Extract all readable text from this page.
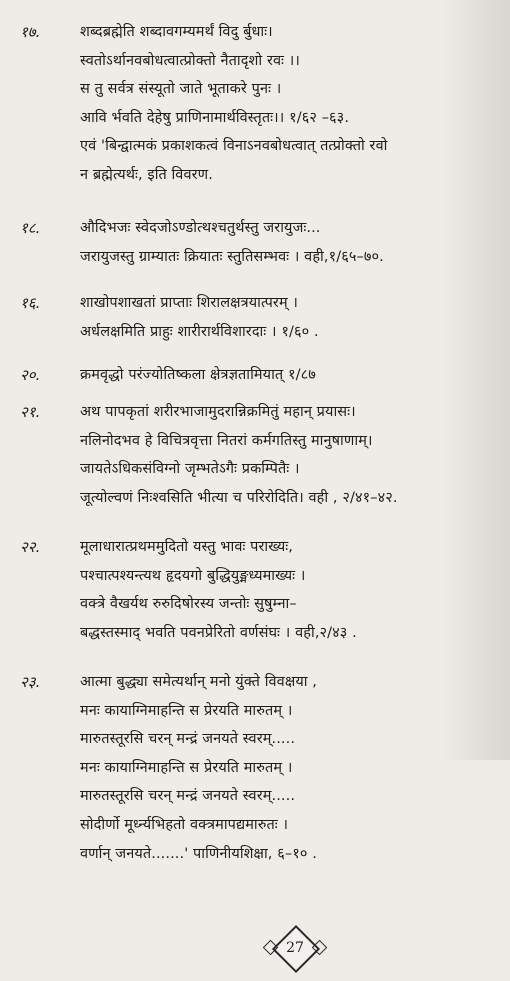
१७.	शब्दब्रह्मेति शब्दावगम्यमर्थं विदु र्बुधाः।
स्वतोऽर्थानवबोधत्वात्प्रोक्तो नैतादृशो रवः ।।
स तु सर्वत्र संस्यूतो जाते भूताकरे पुनः ।
आवि र्भवति देहेषु प्राणिनामार्थविस्तृतः।। १/६२ –६३.
एवं 'बिन्द्वात्मकं प्रकाशकत्वं विनाऽनवबोधत्वात् तत्प्रोक्तो रवो
न ब्रह्मेत्यर्थः, इति विवरण.
१८.	औदिभजः स्वेदजोऽण्डोत्थश्चतुर्थस्तु जरायुजः...
जरायुजस्तु ग्राम्यातः क्रियातः स्तुतिसम्भवः । वही,१/६५–७०.
१६.	शाखोपशाखतां प्राप्ताः शिरालक्षत्रयात्परम् ।
अर्धलक्षमिति प्राहुः शारीरार्थविशारदाः । १/६० .
२०.	क्रमवृद्धो परंज्योतिष्कला क्षेत्रज्ञतामियात् १/८७
२१.	अथ पापकृतां शरीरभाजामुदरान्निक्रमितुं महान् प्रयासः।
नलिनोदभव हे विचित्रवृत्ता नितरां कर्मगतिस्तु मानुषाणाम्।
जायतेऽधिकसंविग्नो जृम्भतेऽगैः प्रकम्पितैः ।
जूत्योल्वणं निःश्वसिति भीत्या च परिरोदिति। वही , २/४१–४२.
२२.	मूलाधारात्प्रथममुदितो यस्तु भावः पराख्यः,
पश्चात्पश्यन्त्यथ हृदयगो बुद्धियुङ्मध्यमाख्यः ।
वक्त्रे वैखर्यथ रुरुदिषोरस्य जन्तोः सुषुम्ना–
बद्धस्तस्माद् भवति पवनप्रेरितो वर्णसंघः । वही,२/४३ .
२३.	आत्मा बुद्ध्या समेत्यर्थान् मनो युंक्ते विवक्षया ,
मनः कायाग्निमाहन्ति स प्रेरयति मारुतम् ।
मारुतस्तूरसि चरन् मन्द्रं जनयते स्वरम्.....
मनः कायाग्निमाहन्ति स प्रेरयति मारुतम् ।
मारुतस्तूरसि चरन् मन्द्रं जनयते स्वरम्.....
सोदीर्णो मूर्ध्न्यभिहतो वक्त्रमापद्यमारुतः ।
वर्णान् जनयते.......' पाणिनीयशिक्षा, ६–१० .
27
